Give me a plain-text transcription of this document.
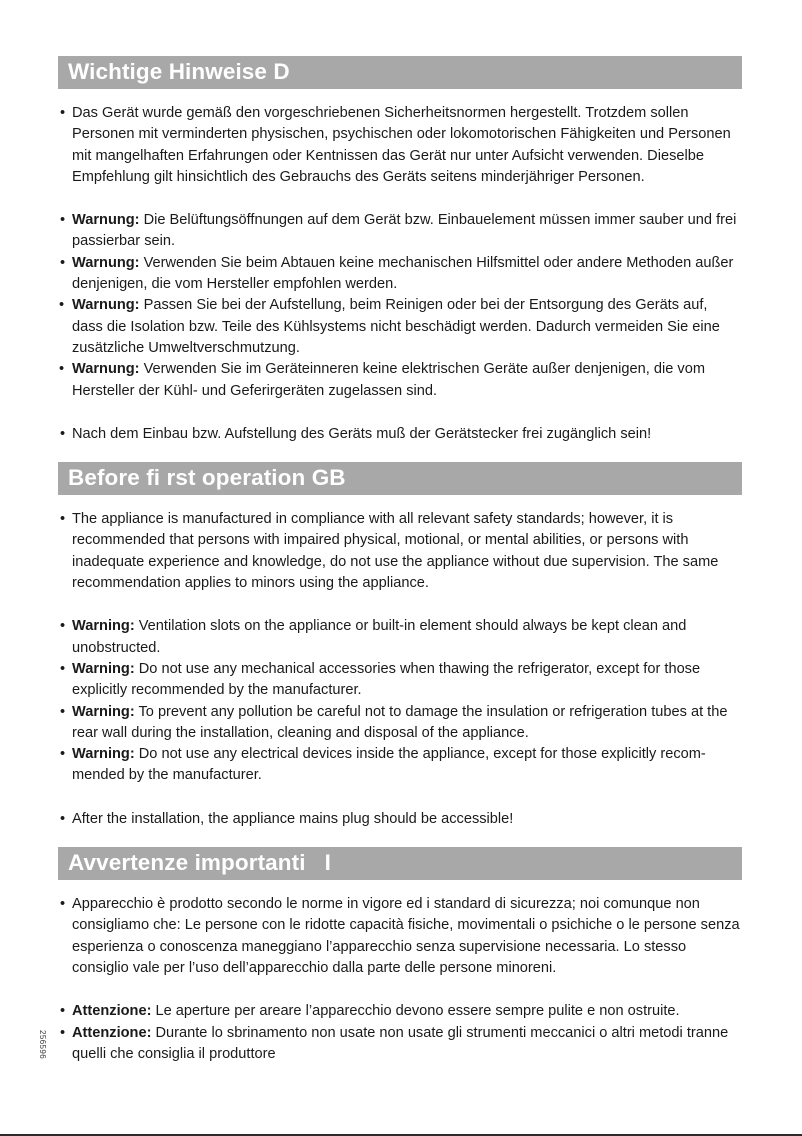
Wichtige Hinweise D
• Das Gerät wurde gemäß den vorgeschriebenen Sicherheitsnormen hergestellt. Trotzdem sollen Personen mit verminderten physischen, psychischen oder lokomotorischen Fähigkeiten und Personen mit mangelhaften Erfahrungen oder Kentnissen das Gerät nur unter Aufsicht verwenden. Dieselbe Empfehlung gilt hinsichtlich des Gebrauchs des Geräts seitens minderjähriger Personen.
• Warnung: Die Belüftungsöffnungen auf dem Gerät bzw. Einbauelement müssen immer sauber und frei passierbar sein.
• Warnung: Verwenden Sie beim Abtauen keine mechanischen Hilfsmittel oder andere Methoden außer denjenigen, die vom Hersteller empfohlen werden.
• Warnung: Passen Sie bei der Aufstellung, beim Reinigen oder bei der Entsorgung des Geräts auf, dass die Isolation bzw. Teile des Kühlsystems nicht beschädigt werden. Dadurch vermeiden Sie eine zusätzliche Umweltverschmutzung.
• Warnung: Verwenden Sie im Geräteinneren keine elektrischen Geräte außer denjenigen, die vom Hersteller der Kühl- und Geferirgeräten zugelassen sind.
• Nach dem Einbau bzw. Aufstellung des Geräts muß der Gerätstecker frei zugänglich sein!
Before fi rst operation GB
• The appliance is manufactured in compliance with all relevant safety standards; however, it is recommended that persons with impaired physical, motional, or mental abilities, or persons with inadequate experience and knowledge, do not use the appliance without due supervision. The same recommendation applies to minors using the appliance.
• Warning: Ventilation slots on the appliance or built-in element should always be kept clean and unobstructed.
• Warning: Do not use any mechanical accessories when thawing the refrigerator, except for those explicitly recommended by the manufacturer.
• Warning: To prevent any pollution be careful not to damage the insulation or refrigeration tubes at the rear wall during the installation, cleaning and disposal of the appliance.
• Warning: Do not use any electrical devices inside the appliance, except for those explicitly recom-mended by the manufacturer.
• After the installation, the appliance mains plug should be accessible!
Avvertenze importanti I
• Apparecchio è prodotto secondo le norme in vigore ed i standard di sicurezza; noi comunque non consigliamo che: Le persone con le ridotte capacità fisiche, movimentali o psichiche o le persone senza esperienza o conoscenza maneggiano l’apparecchio senza supervisione necessaria. Lo stesso consiglio vale per l’uso dell’apparecchio dalla parte delle persone minoreni.
• Attenzione: Le aperture per areare l’apparecchio devono essere sempre pulite e non ostruite.
• Attenzione: Durante lo sbrinamento non usate non usate gli strumenti meccanici o altri metodi tranne quelli che consiglia il produttore
256596
